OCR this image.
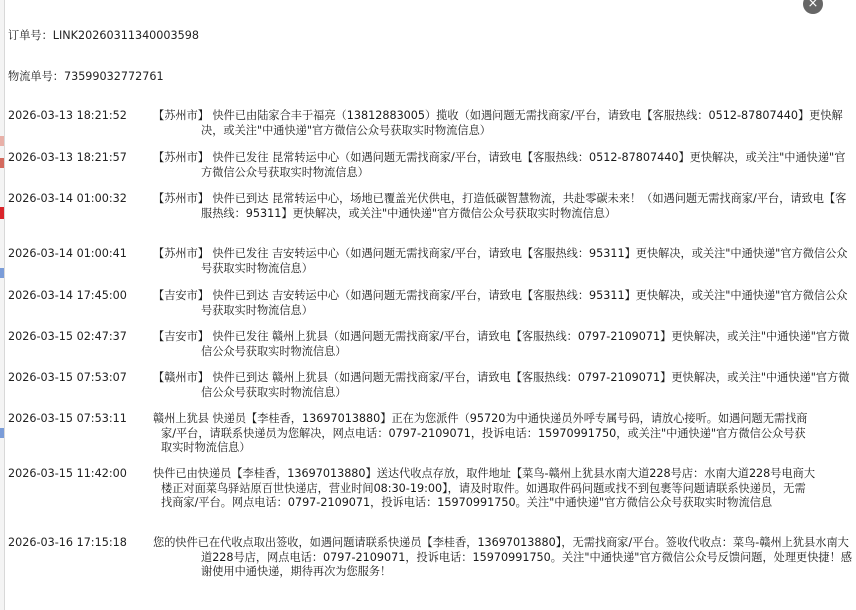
×
订单号：LINK20260311340003598
物流单号：73599032772761
2026-03-13 18:21:52	【苏州市】 快件已由陆家合丰于福亮（13812883005）揽收（如遇问题无需找商家/平台，请致电【客服热线：0512-87807440】更快解决，或关注"中通快递"官方微信公众号获取实时物流信息）
2026-03-13 18:21:57	【苏州市】 快件已发往 昆常转运中心（如遇问题无需找商家/平台，请致电【客服热线：0512-87807440】更快解决，或关注"中通快递"官方微信公众号获取实时物流信息）
2026-03-14 01:00:32	【苏州市】 快件已到达 昆常转运中心，场地已覆盖光伏供电，打造低碳智慧物流，共赴零碳未来！（如遇问题无需找商家/平台，请致电【客服热线：95311】更快解决，或关注"中通快递"官方微信公众号获取实时物流信息）
2026-03-14 01:00:41	【苏州市】 快件已发往 吉安转运中心（如遇问题无需找商家/平台，请致电【客服热线：95311】更快解决，或关注"中通快递"官方微信公众号获取实时物流信息）
2026-03-14 17:45:00	【吉安市】 快件已到达 吉安转运中心（如遇问题无需找商家/平台，请致电【客服热线：95311】更快解决，或关注"中通快递"官方微信公众号获取实时物流信息）
2026-03-15 02:47:37	【吉安市】 快件已发往 赣州上犹县（如遇问题无需找商家/平台，请致电【客服热线：0797-2109071】更快解决，或关注"中通快递"官方微信公众号获取实时物流信息）
2026-03-15 07:53:07	【赣州市】 快件已到达 赣州上犹县（如遇问题无需找商家/平台，请致电【客服热线：0797-2109071】更快解决，或关注"中通快递"官方微信公众号获取实时物流信息）
2026-03-15 07:53:11	赣州上犹县 快递员【李桂香，13697013880】正在为您派件（95720为中通快递员外呼专属号码，请放心接听。如遇问题无需找商家/平台，请联系快递员为您解决，网点电话：0797-2109071，投诉电话：15970991750，或关注"中通快递"官方微信公众号获取实时物流信息）
2026-03-15 11:42:00	快件已由快递员【李桂香，13697013880】送达代收点存放，取件地址【菜鸟-赣州上犹县水南大道228号店：水南大道228号电商大楼正对面菜鸟驿站原百世快递店，营业时间08:30-19:00】，请及时取件。如遇取件码问题或找不到包裹等问题请联系快递员，无需找商家/平台。网点电话：0797-2109071，投诉电话：15970991750。关注"中通快递"官方微信公众号获取实时物流信息
2026-03-16 17:15:18	您的快件已在代收点取出签收，如遇问题请联系快递员【李桂香，13697013880】，无需找商家/平台。签收代收点：菜鸟-赣州上犹县水南大道228号店，网点电话：0797-2109071，投诉电话：15970991750。关注"中通快递"官方微信公众号反馈问题，处理更快捷！感谢使用中通快递，期待再次为您服务！
